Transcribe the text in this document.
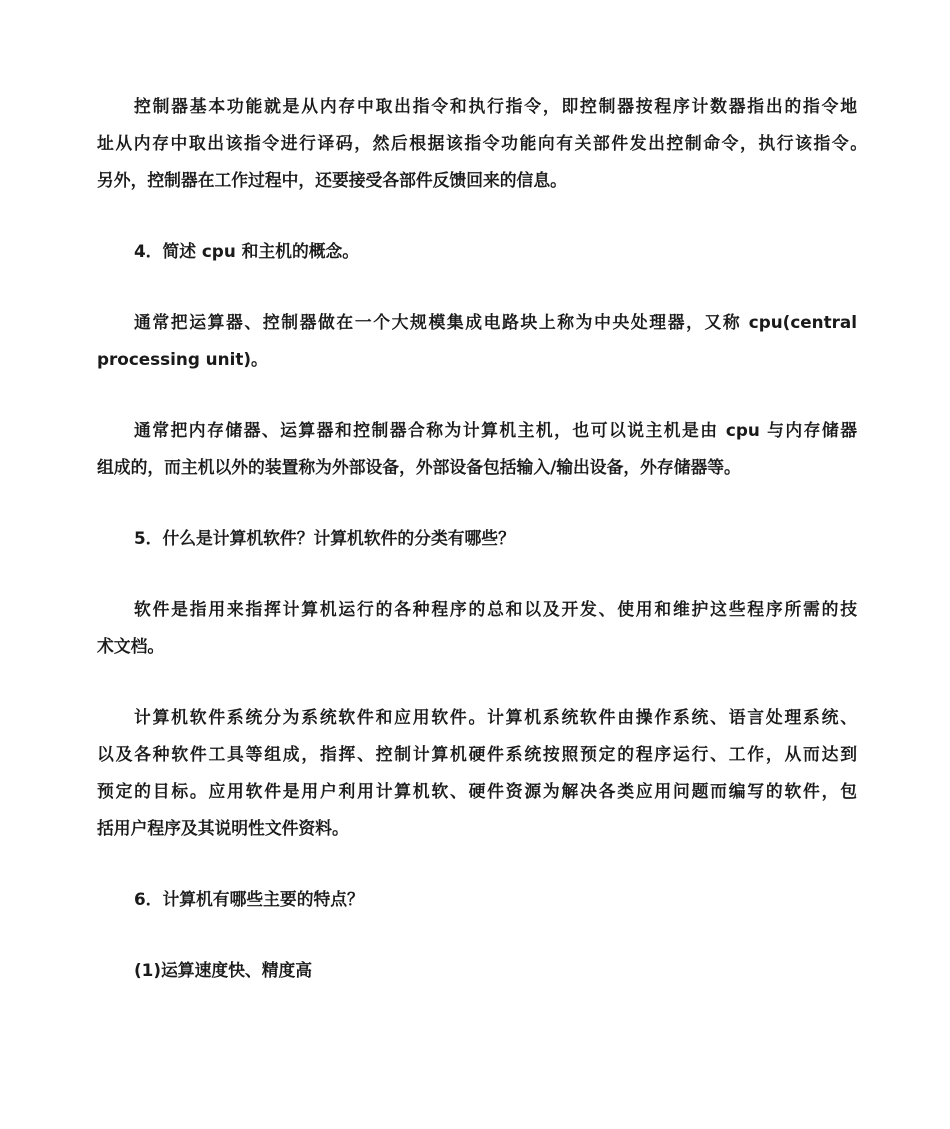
控制器基本功能就是从内存中取出指令和执行指令，即控制器按程序计数器指出的指令地
址从内存中取出该指令进行译码，然后根据该指令功能向有关部件发出控制命令，执行该指令。
另外，控制器在工作过程中，还要接受各部件反馈回来的信息。
4．简述 cpu 和主机的概念。
通常把运算器、控制器做在一个大规模集成电路块上称为中央处理器，又称 cpu(central
processing unit)。
通常把内存储器、运算器和控制器合称为计算机主机，也可以说主机是由 cpu 与内存储器
组成的，而主机以外的装置称为外部设备，外部设备包括输入/输出设备，外存储器等。
5．什么是计算机软件？计算机软件的分类有哪些？
软件是指用来指挥计算机运行的各种程序的总和以及开发、使用和维护这些程序所需的技
术文档。
计算机软件系统分为系统软件和应用软件。计算机系统软件由操作系统、语言处理系统、
以及各种软件工具等组成，指挥、控制计算机硬件系统按照预定的程序运行、工作，从而达到
预定的目标。应用软件是用户利用计算机软、硬件资源为解决各类应用问题而编写的软件，包
括用户程序及其说明性文件资料。
6．计算机有哪些主要的特点？
(1)运算速度快、精度高
